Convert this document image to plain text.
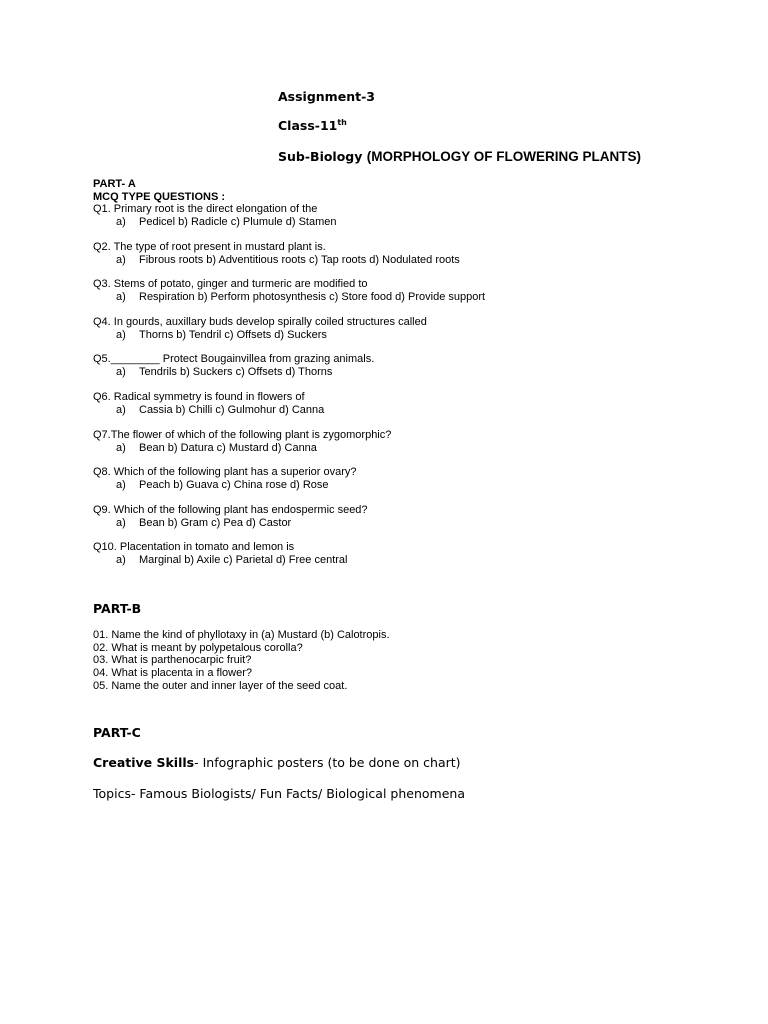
Assignment-3
Class-11th
Sub-Biology (MORPHOLOGY OF FLOWERING PLANTS)
PART- A
MCQ TYPE QUESTIONS :
Q1. Primary root is the direct elongation of the
a) Pedicel b) Radicle c) Plumule d) Stamen
Q2. The type of root present in mustard plant is.
a) Fibrous roots b) Adventitious roots c) Tap roots d) Nodulated roots
Q3. Stems of potato, ginger and turmeric are modified to
a) Respiration b) Perform photosynthesis c) Store food d) Provide support
Q4. In gourds, auxillary buds develop spirally coiled structures called
a) Thorns b) Tendril c) Offsets d) Suckers
Q5.________ Protect Bougainvillea from grazing animals.
a) Tendrils b) Suckers c) Offsets d) Thorns
Q6. Radical symmetry is found in flowers of
a) Cassia b) Chilli c) Gulmohur d) Canna
Q7.The flower of which of the following plant is zygomorphic?
a) Bean b) Datura c) Mustard d) Canna
Q8. Which of the following plant has a superior ovary?
a) Peach b) Guava c) China rose d) Rose
Q9. Which of the following plant has endospermic seed?
a) Bean b) Gram c) Pea d) Castor
Q10. Placentation in tomato and lemon is
a) Marginal b) Axile c) Parietal d) Free central
PART-B
01. Name the kind of phyllotaxy in (a) Mustard (b) Calotropis.
02. What is meant by polypetalous corolla?
03. What is parthenocarpic fruit?
04. What is placenta in a flower?
05. Name the outer and inner layer of the seed coat.
PART-C
Creative Skills- Infographic posters (to be done on chart)
Topics- Famous Biologists/ Fun Facts/ Biological phenomena
